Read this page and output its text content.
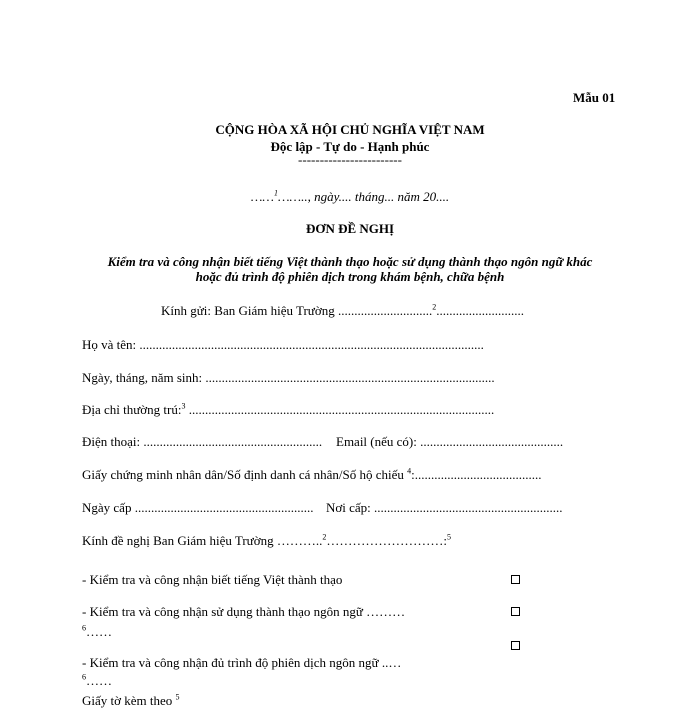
Mẫu 01
CỘNG HÒA XÃ HỘI CHỦ NGHĨA VIỆT NAM
Độc lập - Tự do - Hạnh phúc
------------------------
……$^1$…….., ngày.... tháng... năm 20....
ĐƠN ĐỀ NGHỊ
Kiểm tra và công nhận biết tiếng Việt thành thạo hoặc sử dụng thành thạo ngôn ngữ khác
hoặc đủ trình độ phiên dịch trong khám bệnh, chữa bệnh
Kính gửi: Ban Giám hiệu Trường .............................$^2$...........................
Họ và tên: ..........................................................................................................
Ngày, tháng, năm sinh: .........................................................................................
Địa chỉ thường trú:$^3$ ..............................................................................................
Điện thoại: ....................................................... Email (nếu có): ............................................
Giấy chứng minh nhân dân/Số định danh cá nhân/Số hộ chiếu $^4$:.......................................
Ngày cấp ....................................................... Nơi cấp: ..........................................................
Kính đề nghị Ban Giám hiệu Trường ………..$^2$………………………:$^5$
- Kiểm tra và công nhận biết tiếng Việt thành thạo
- Kiểm tra và công nhận sử dụng thành thạo ngôn ngữ ………
$^6$……
- Kiểm tra và công nhận đủ trình độ phiên dịch ngôn ngữ ..…
$^6$……
Giấy tờ kèm theo $^5$
